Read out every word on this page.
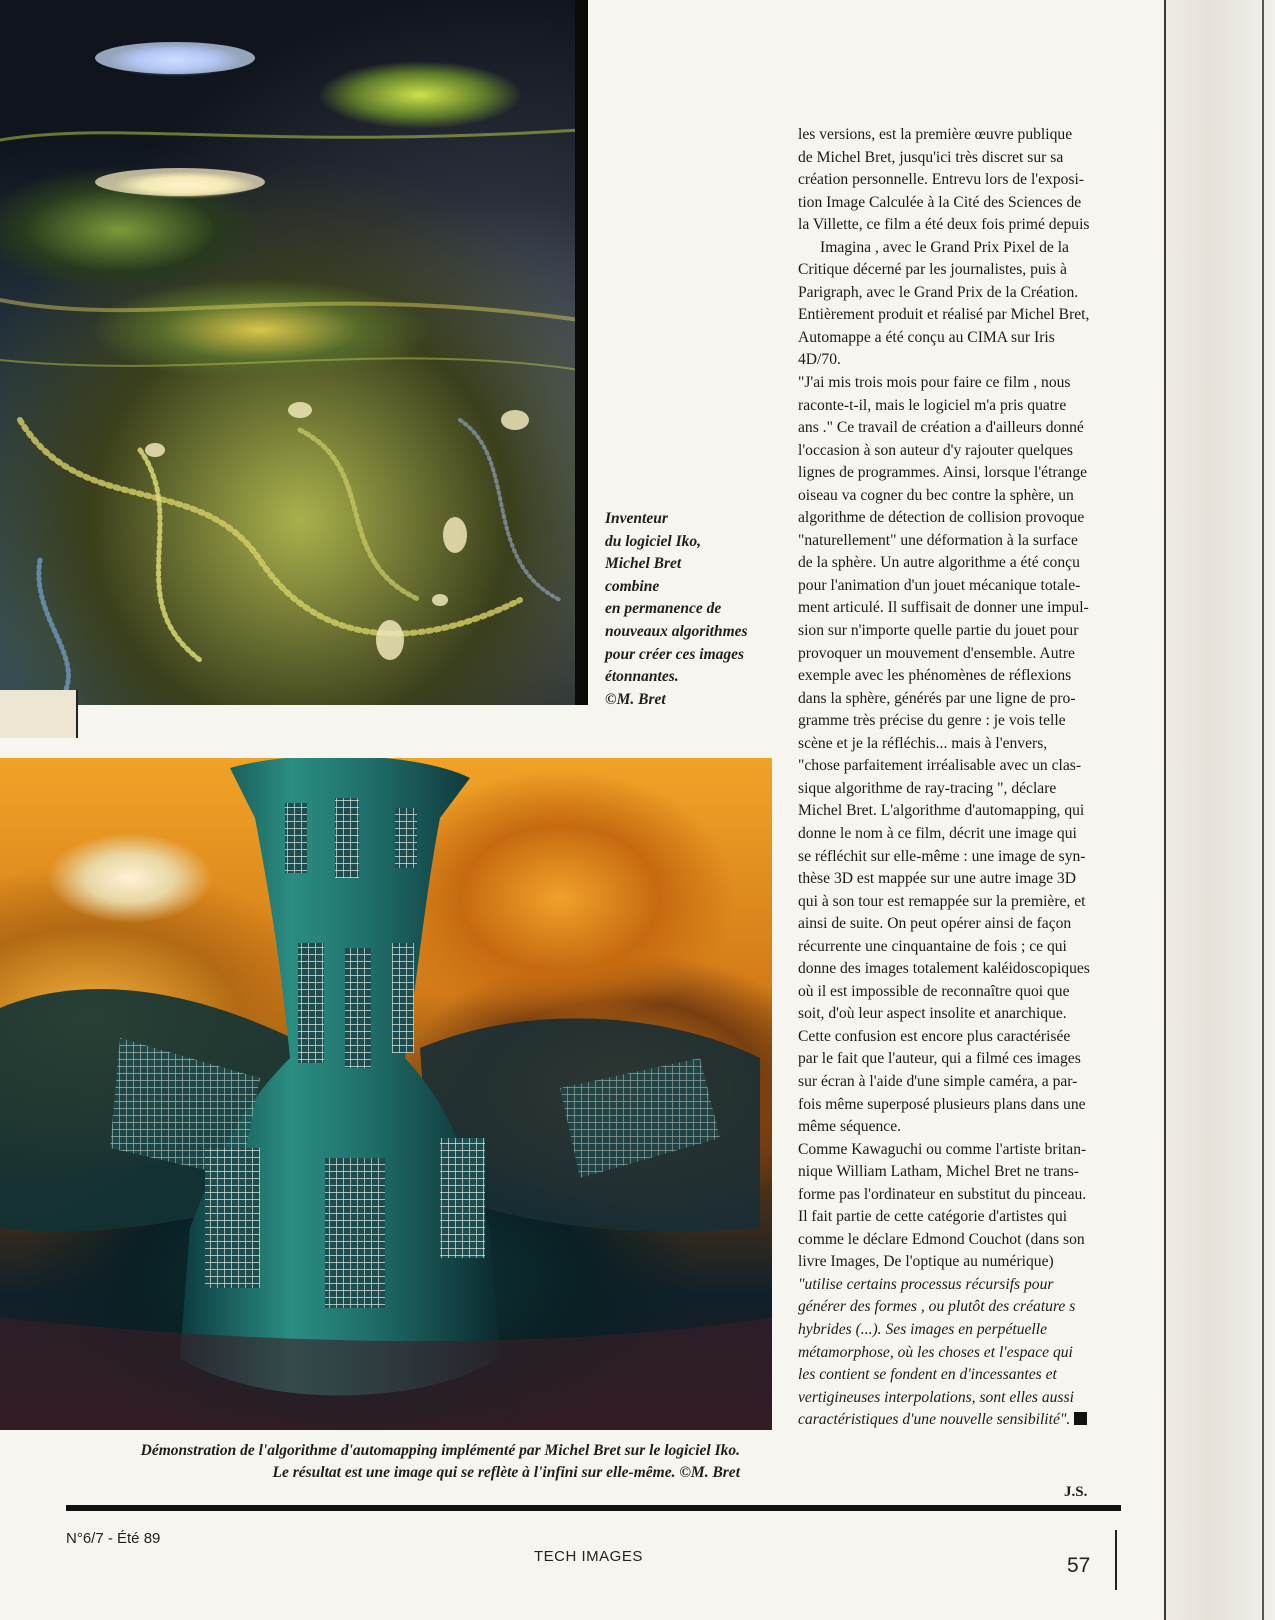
Inventeur
du logiciel Iko,
Michel Bret
combine
en permanence de
nouveaux algorithmes
pour créer ces images
étonnantes.
©M. Bret
Démonstration de l'algorithme d'automapping implémenté par Michel Bret sur le logiciel Iko.
Le résultat est une image qui se reflète à l'infini sur elle-même. ©M. Bret

les versions, est la première œuvre publique
de Michel Bret, jusqu'ici très discret sur sa
création personnelle. Entrevu lors de l'exposi-
tion Image Calculée à la Cité des Sciences de
la Villette, ce film a été deux fois primé depuis
Imagina , avec le Grand Prix Pixel de la
Critique décerné par les journalistes, puis à
Parigraph, avec le Grand Prix de la Création.
Entièrement produit et réalisé par Michel Bret,
Automappe a été conçu au CIMA sur Iris
4D/70.

"J'ai mis trois mois pour faire ce film , nous
raconte-t-il, mais le logiciel m'a pris quatre
ans ." Ce travail de création a d'ailleurs donné
l'occasion à son auteur d'y rajouter quelques
lignes de programmes. Ainsi, lorsque l'étrange
oiseau va cogner du bec contre la sphère, un
algorithme de détection de collision provoque
"naturellement" une déformation à la surface
de la sphère. Un autre algorithme a été conçu
pour l'animation d'un jouet mécanique totale-
ment articulé. Il suffisait de donner une impul-
sion sur n'importe quelle partie du jouet pour
provoquer un mouvement d'ensemble. Autre
exemple avec les phénomènes de réflexions
dans la sphère, générés par une ligne de pro-
gramme très précise du genre : je vois telle
scène et je la réfléchis... mais à l'envers,
"chose parfaitement irréalisable avec un clas-
sique algorithme de ray-tracing ", déclare
Michel Bret. L'algorithme d'automapping, qui
donne le nom à ce film, décrit une image qui
se réfléchit sur elle-même : une image de syn-
thèse 3D est mappée sur une autre image 3D
qui à son tour est remappée sur la première, et
ainsi de suite. On peut opérer ainsi de façon
récurrente une cinquantaine de fois ; ce qui
donne des images totalement kaléidoscopiques
où il est impossible de reconnaître quoi que
soit, d'où leur aspect insolite et anarchique.
Cette confusion est encore plus caractérisée
par le fait que l'auteur, qui a filmé ces images
sur écran à l'aide d'une simple caméra, a par-
fois même superposé plusieurs plans dans une
même séquence.

Comme Kawaguchi ou comme l'artiste britan-
nique William Latham, Michel Bret ne trans-
forme pas l'ordinateur en substitut du pinceau.
Il fait partie de cette catégorie d'artistes qui
comme le déclare Edmond Couchot (dans son
livre Images, De l'optique au numérique)

"utilise certains processus récursifs pour
générer des formes , ou plutôt des créature s
hybrides (...). Ses images en perpétuelle
métamorphose, où les choses et l'espace qui
les contient se fondent en d'incessantes et
vertigineuses interpolations, sont elles aussi
caractéristiques d'une nouvelle sensibilité".

J.S.
N°6/7 - Été 89
TECH IMAGES	57
